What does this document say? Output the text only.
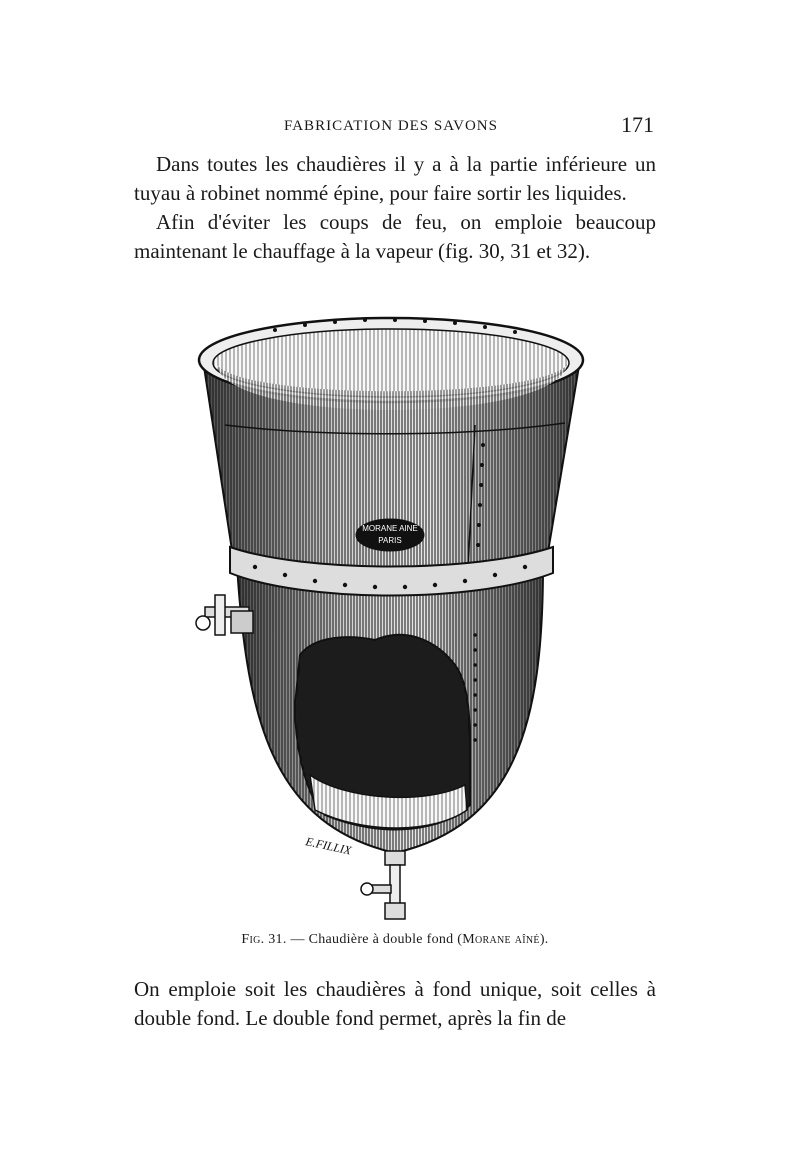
FABRICATION DES SAVONS	171

Dans toutes les chaudières il y a à la partie inférieure un tuyau à robinet nommé épine, pour faire sortir les liquides.

Afin d'éviter les coups de feu, on emploie beaucoup maintenant le chauffage à la vapeur (fig. 30, 31 et 32).

MORANE AINE
PARIS
E.FILLIX
Fig. 31. — Chaudière à double fond (Morane aîné).

On emploie soit les chaudières à fond unique, soit celles à double fond. Le double fond permet, après la fin de
